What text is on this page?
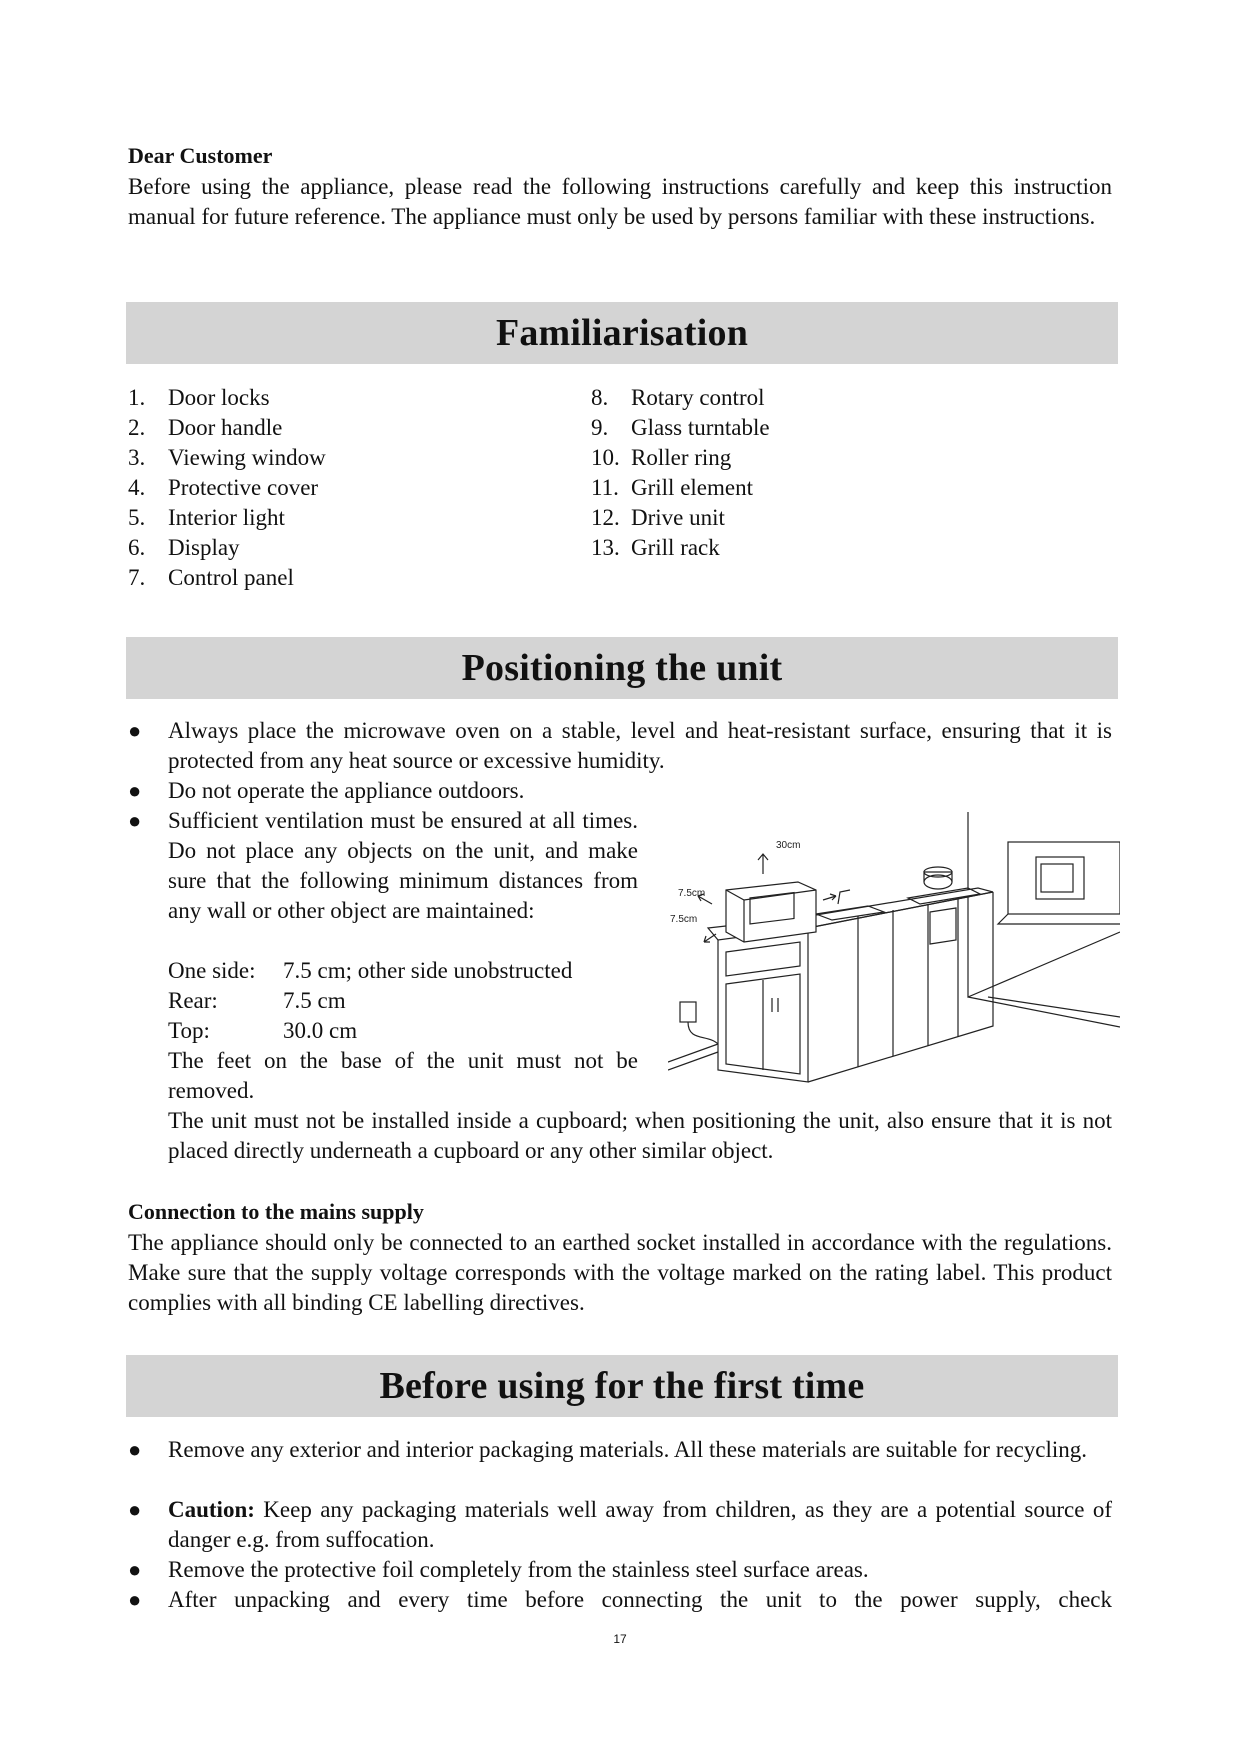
Dear Customer
Before using the appliance, please read the following instructions carefully and keep this instruction manual for future reference. The appliance must only be used by persons familiar with these instructions.
Familiarisation
1. Door locks
2. Door handle
3. Viewing window
4. Protective cover
5. Interior light
6. Display
7. Control panel
8. Rotary control
9. Glass turntable
10. Roller ring
11. Grill element
12. Drive unit
13. Grill rack
Positioning the unit
●	Always place the microwave oven on a stable, level and heat-resistant surface, ensuring that it is protected from any heat source or excessive humidity.
●	Do not operate the appliance outdoors.
●	Sufficient ventilation must be ensured at all times. Do not place any objects on the unit, and make sure that the following minimum distances from any wall or other object are maintained:
One side: 7.5 cm; other side unobstructed
Rear:	7.5 cm
Top:	30.0 cm
The feet on the base of the unit must not be removed.
The unit must not be installed inside a cupboard; when positioning the unit, also ensure that it is not placed directly underneath a cupboard or any other similar object.
30cm
7.5cm
7.5cm
Connection to the mains supply
The appliance should only be connected to an earthed socket installed in accordance with the regulations. Make sure that the supply voltage corresponds with the voltage marked on the rating label. This product complies with all binding CE labelling directives.
Before using for the first time
●	Remove any exterior and interior packaging materials. All these materials are suitable for recycling.
●	Caution: Keep any packaging materials well away from children, as they are a potential source of danger e.g. from suffocation.
●	Remove the protective foil completely from the stainless steel surface areas.
●	After unpacking and every time before connecting the unit to the power supply, check
17
